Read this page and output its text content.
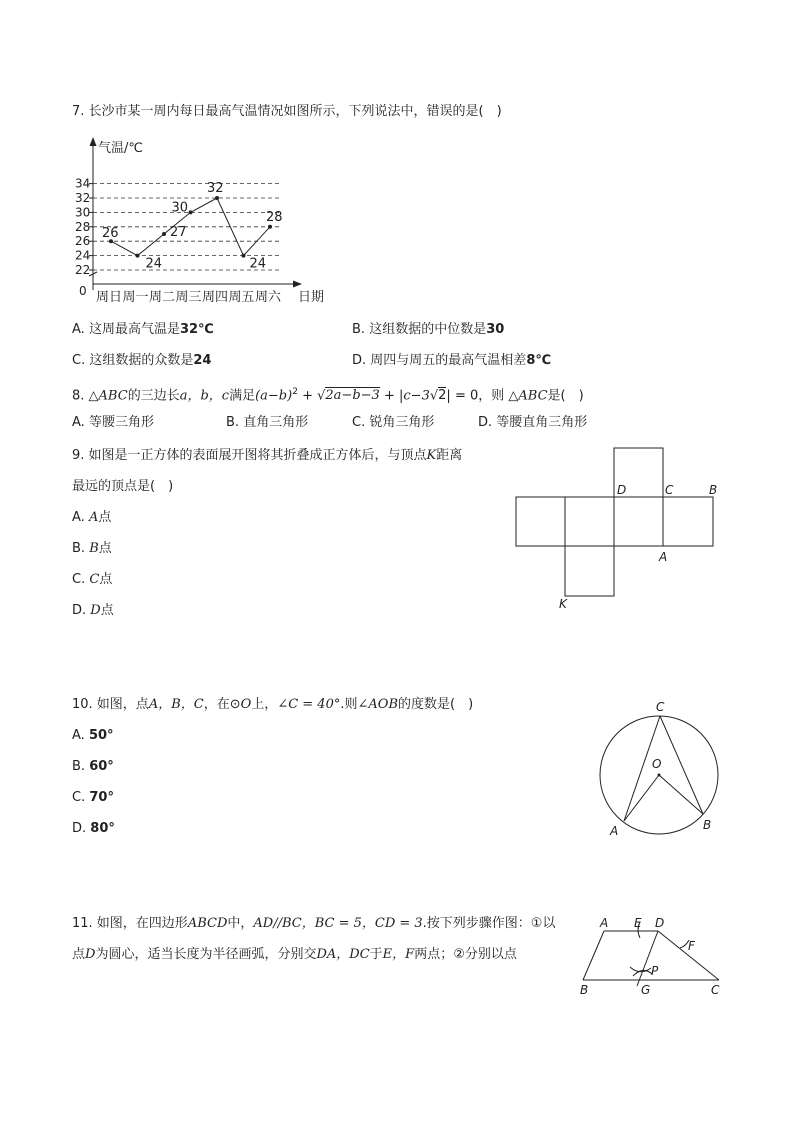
7. 长沙市某一周内每日最高气温情况如图所示，下列说法中，错误的是(　)
气温/℃
0	日期
22
24
26
28
30
32
34
周日 周一 周二 周三 周四 周五 周六
26
24
27
30
32
24
28
A. 这周最高气温是32℃	B. 这组数据的中位数是30
C. 这组数据的众数是24	D. 周四与周五的最高气温相差8℃
8. △ABC的三边长a，b，c满足$(a-b)^2 + √2a-b-3 + |c-3√2| = 0$，则 △ABC是(　)
A. 等腰三角形	B. 直角三角形	C. 锐角三角形	D. 等腰直角三角形
9. 如图是一正方体的表面展开图将其折叠成正方体后，与顶点K距离
最远的顶点是(　)
A. A点
B. B点
C. C点
D. D点
D	C	B
A
K
10. 如图，点A，B，C，在⊙O上，∠C = 40°.则∠AOB的度数是(　)
A. 50°
B. 60°
C. 70°
D. 80°
C
O
A	B
11. 如图，在四边形ABCD中，AD//BC，BC = 5，CD = 3.按下列步骤作图：①以
点D为圆心，适当长度为半径画弧，分别交DA，DC于E，F两点；②分别以点
A E D
F
P
B	G	C
